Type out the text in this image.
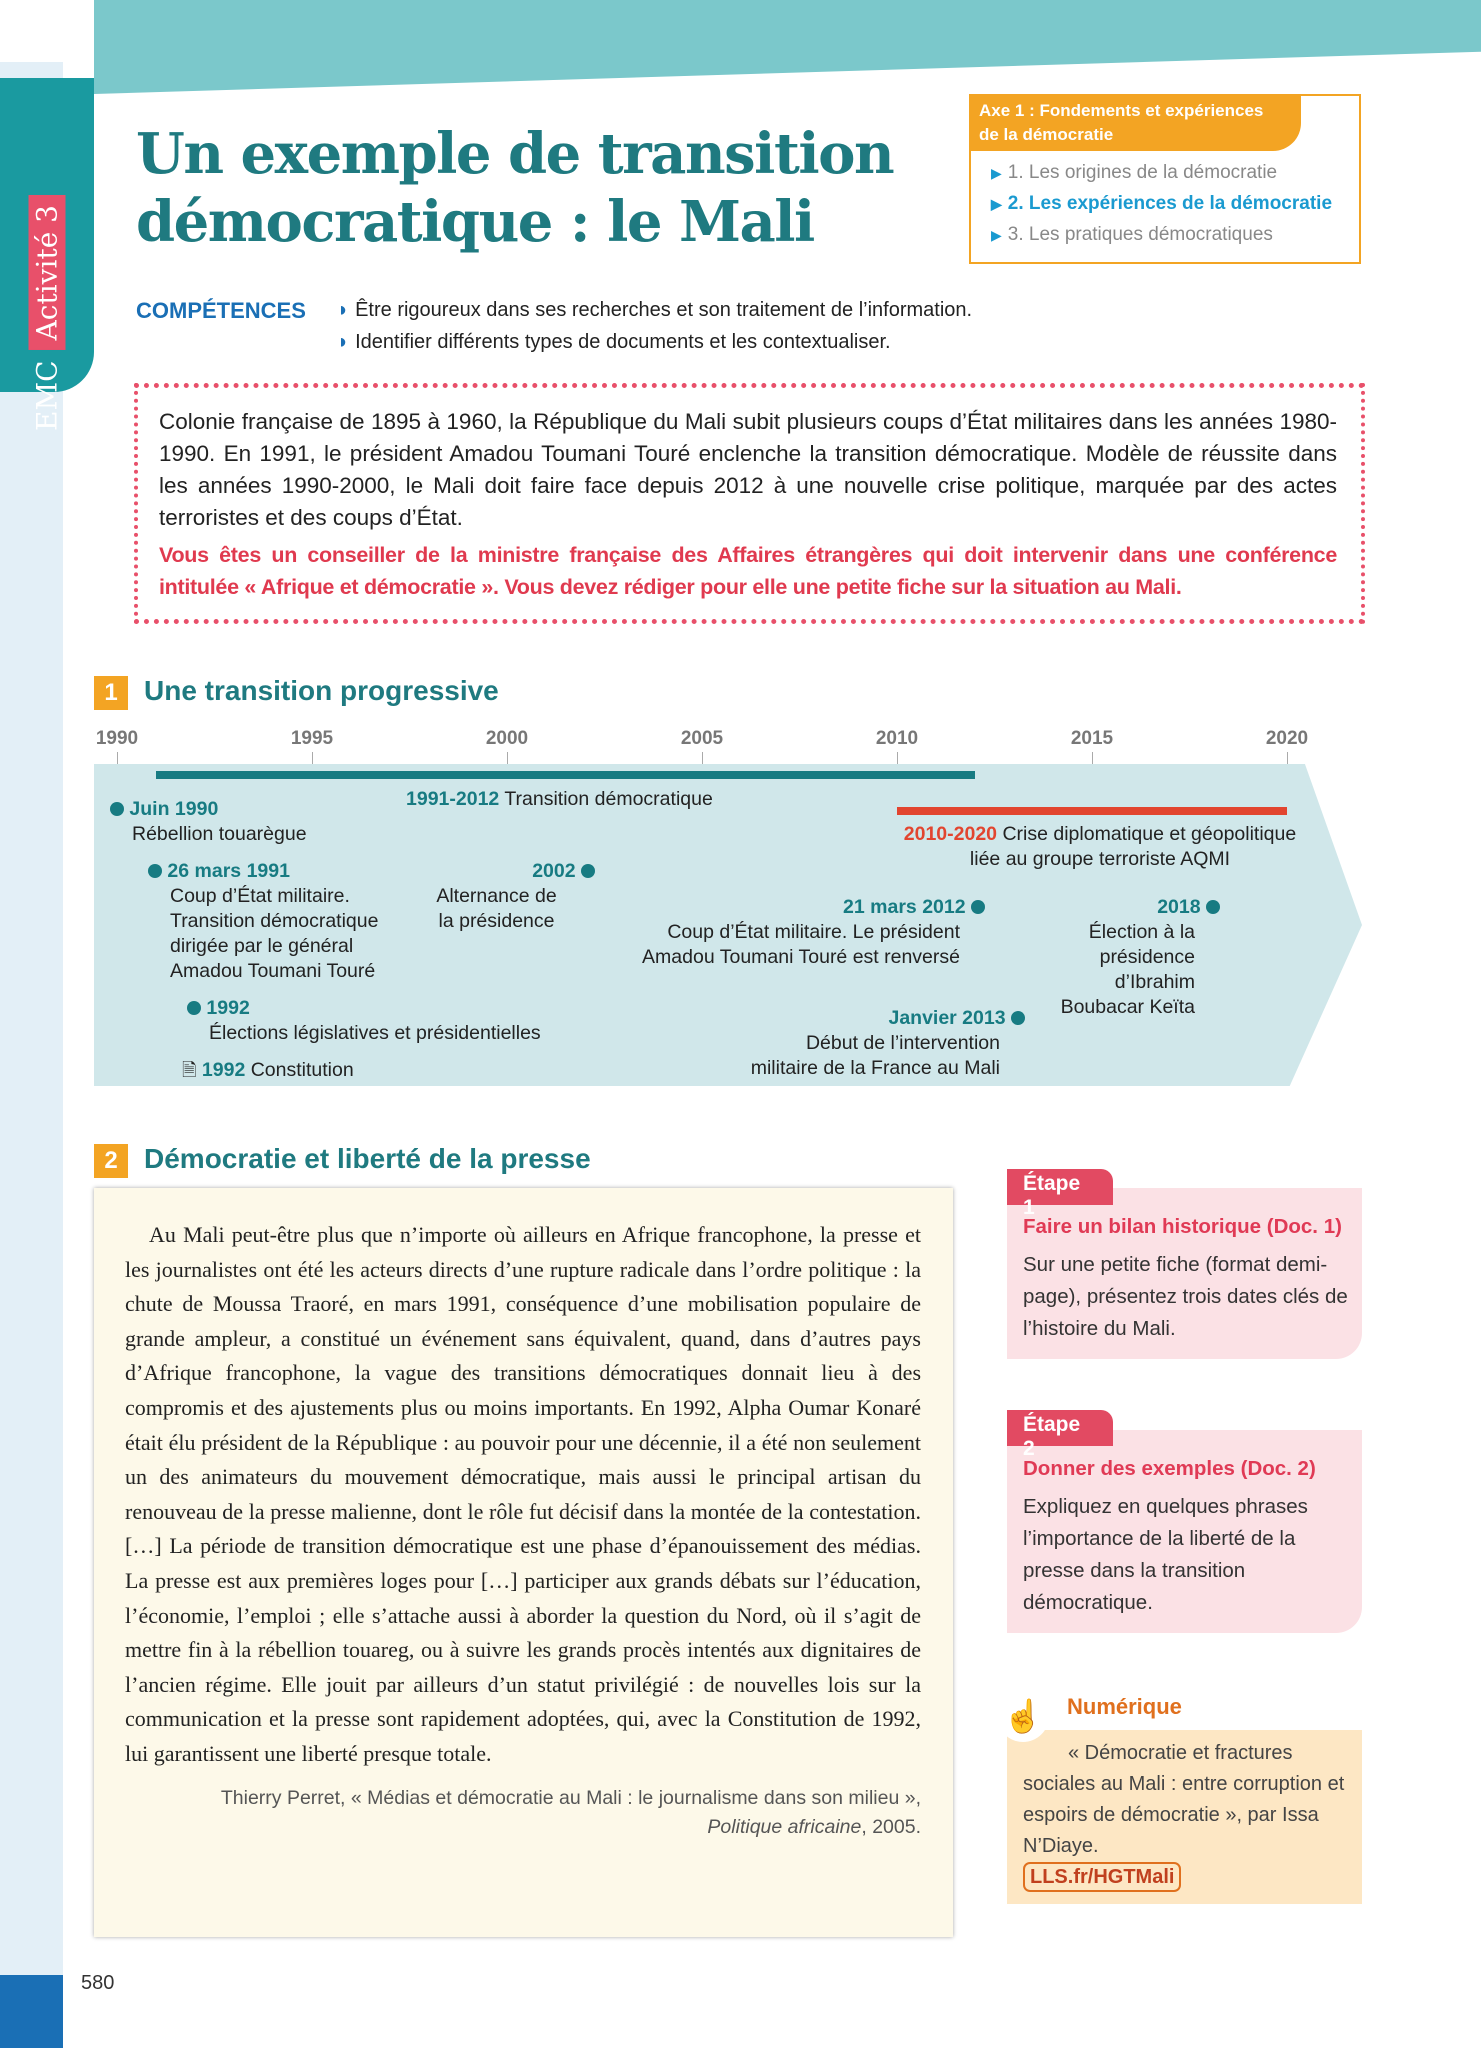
EMC
Activité 3
Un exemple de transition démocratique : le Mali
Axe 1 : Fondements et expériences de la démocratie
▶ 1. Les origines de la démocratie
▶ 2. Les expériences de la démocratie
▶ 3. Les pratiques démocratiques
COMPÉTENCES ◗ Être rigoureux dans ses recherches et son traitement de l’information.
◗ Identifier différents types de documents et les contextualiser.

Colonie française de 1895 à 1960, la République du Mali subit plusieurs coups d’État militaires dans les années 1980-1990. En 1991, le président Amadou Toumani Touré enclenche la transition démocratique. Modèle de réussite dans les années 1990-2000, le Mali doit faire face depuis 2012 à une nouvelle crise politique, marquée par des actes terroristes et des coups d’État.

Vous êtes un conseiller de la ministre française des Affaires étrangères qui doit intervenir dans une conférence intitulée « Afrique et démocratie ». Vous devez rédiger pour elle une petite fiche sur la situation au Mali.

1 Une transition progressive
1990	1995	2000	2005	2010	2015	2020
1991-2012 Transition démocratique
2010-2020 Crise diplomatique et géopolitique
liée au groupe terroriste AQMI
Juin 1990
Rébellion touarègue
26 mars 1991
Coup d’État militaire.
Transition démocratique
dirigée par le général
Amadou Toumani Touré
1992
Élections législatives et présidentielles
🗎 1992 Constitution
2002
Alternance de
la présidence
21 mars 2012
Coup d’État militaire. Le président
Amadou Toumani Touré est renversé
Janvier 2013
Début de l’intervention
militaire de la France au Mali
2018
Élection à la
présidence
d’Ibrahim
Boubacar Keïta
2 Démocratie et liberté de la presse

Au Mali peut-être plus que n’importe où ailleurs en Afrique francophone, la presse et les journalistes ont été les acteurs directs d’une rupture radicale dans l’ordre politique : la chute de Moussa Traoré, en mars 1991, conséquence d’une mobilisation populaire de grande ampleur, a constitué un événement sans équivalent, quand, dans d’autres pays d’Afrique francophone, la vague des transitions démocratiques donnait lieu à des compromis et des ajustements plus ou moins importants. En 1992, Alpha Oumar Konaré était élu président de la République : au pouvoir pour une décennie, il a été non seulement un des animateurs du mouvement démocratique, mais aussi le principal artisan du renouveau de la presse malienne, dont le rôle fut décisif dans la montée de la contestation. […] La période de transition démocratique est une phase d’épanouissement des médias. La presse est aux premières loges pour […] participer aux grands débats sur l’éducation, l’économie, l’emploi ; elle s’attache aussi à aborder la question du Nord, où il s’agit de mettre fin à la rébellion touareg, ou à suivre les grands procès intentés aux dignitaires de l’ancien régime. Elle jouit par ailleurs d’un statut privilégié : de nouvelles lois sur la communication et la presse sont rapidement adoptées, qui, avec la Constitution de 1992, lui garantissent une liberté presque totale.

Thierry Perret, « Médias et démocratie au Mali : le journalisme dans son milieu »,
Politique africaine, 2005.
Faire un bilan historique (Doc. 1)
Sur une petite fiche (format demi-page), présentez trois dates clés de l’histoire du Mali.
Étape 1
Donner des exemples (Doc. 2)
Expliquez en quelques phrases l’importance de la liberté de la presse dans la transition démocratique.
Étape 2
« Démocratie et fractures sociales au Mali : entre corruption et espoirs de démocratie », par Issa N’Diaye.
LLS.fr/HGTMali
☝ Numérique
580
